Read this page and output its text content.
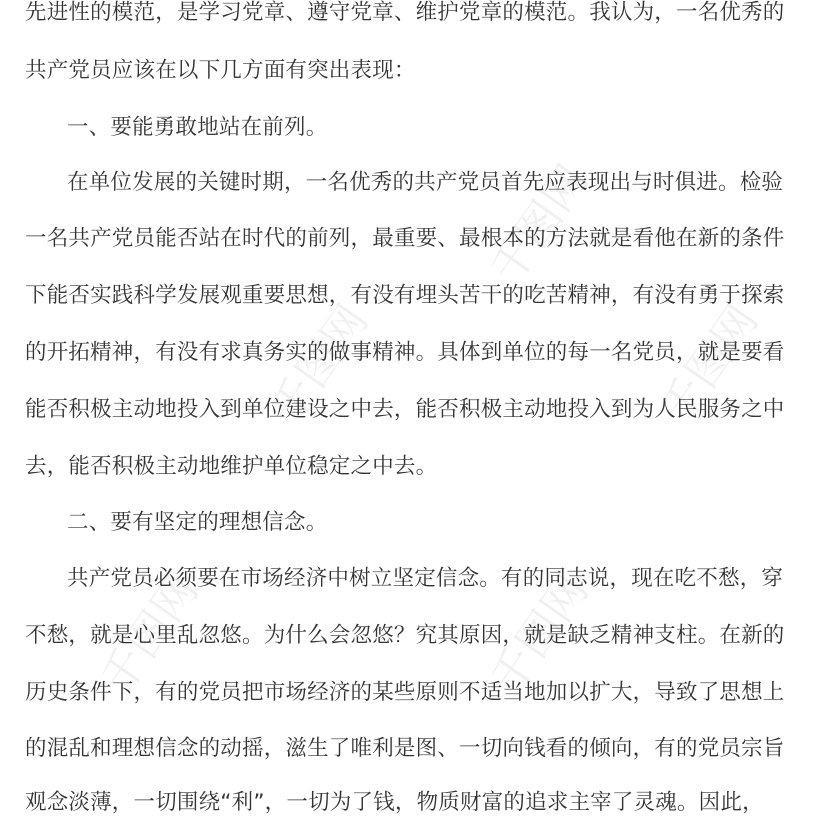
千图网
千图网	千图网
千图网	千图网
先进性的模范，是学习党章、遵守党章、维护党章的模范。我认为，一名优秀的
共产党员应该在以下几方面有突出表现：
一、要能勇敢地站在前列。
在单位发展的关键时期，一名优秀的共产党员首先应表现出与时俱进。检验
一名共产党员能否站在时代的前列，最重要、最根本的方法就是看他在新的条件
下能否实践科学发展观重要思想，有没有埋头苦干的吃苦精神，有没有勇于探索
的开拓精神，有没有求真务实的做事精神。具体到单位的每一名党员，就是要看
能否积极主动地投入到单位建设之中去，能否积极主动地投入到为人民服务之中
去，能否积极主动地维护单位稳定之中去。
二、要有坚定的理想信念。
共产党员必须要在市场经济中树立坚定信念。有的同志说，现在吃不愁，穿
不愁，就是心里乱忽悠。为什么会忽悠？究其原因，就是缺乏精神支柱。在新的
历史条件下，有的党员把市场经济的某些原则不适当地加以扩大，导致了思想上
的混乱和理想信念的动摇，滋生了唯利是图、一切向钱看的倾向，有的党员宗旨
观念淡薄，一切围绕“利”，一切为了钱，物质财富的追求主宰了灵魂。因此，
